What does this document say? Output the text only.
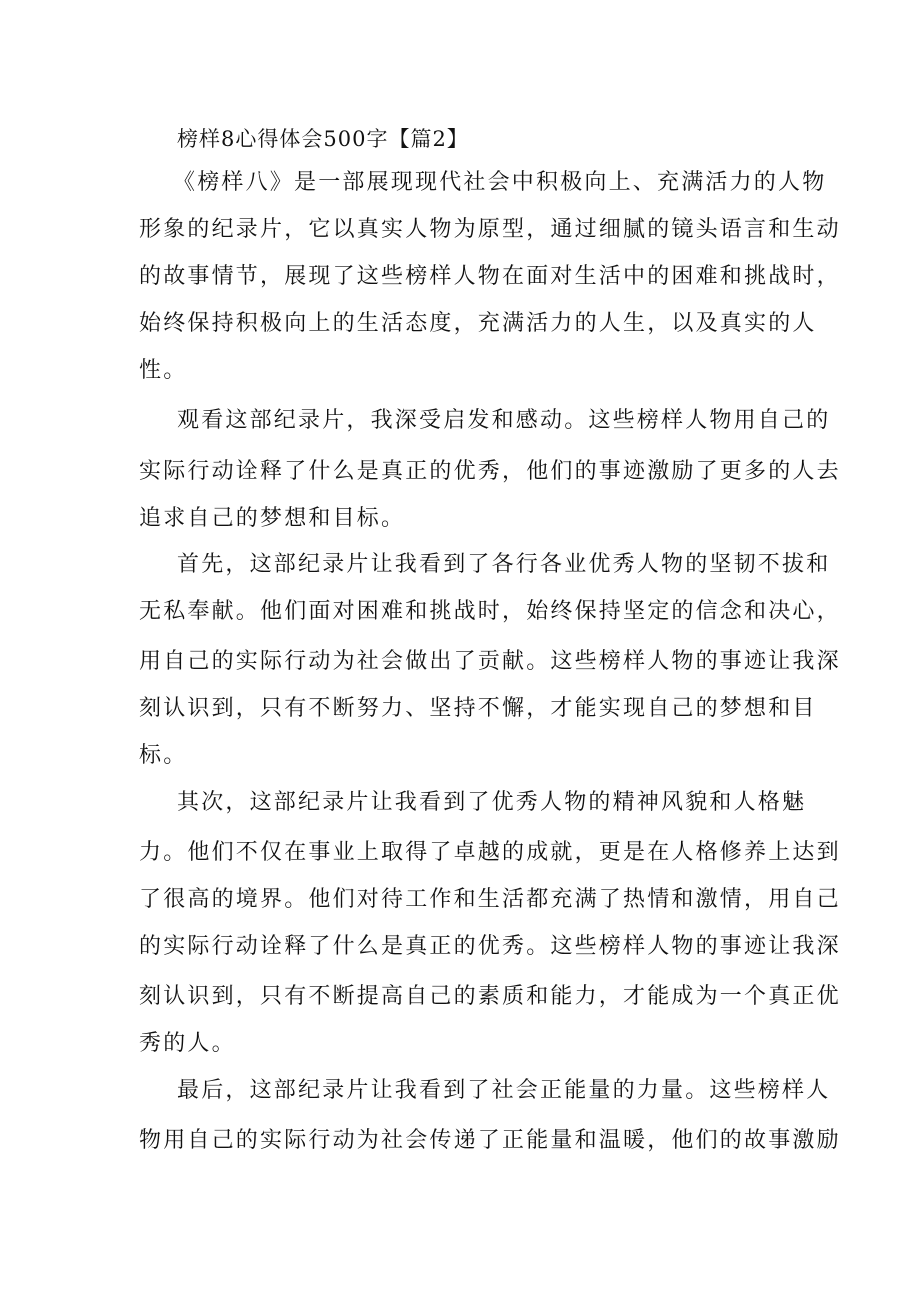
榜样8心得体会500字【篇2】

《榜样八》是一部展现现代社会中积极向上、充满活力的人物

形象的纪录片，它以真实人物为原型，通过细腻的镜头语言和生动

的故事情节，展现了这些榜样人物在面对生活中的困难和挑战时，

始终保持积极向上的生活态度，充满活力的人生，以及真实的人

性。

观看这部纪录片，我深受启发和感动。这些榜样人物用自己的

实际行动诠释了什么是真正的优秀，他们的事迹激励了更多的人去

追求自己的梦想和目标。

首先，这部纪录片让我看到了各行各业优秀人物的坚韧不拔和

无私奉献。他们面对困难和挑战时，始终保持坚定的信念和决心，

用自己的实际行动为社会做出了贡献。这些榜样人物的事迹让我深

刻认识到，只有不断努力、坚持不懈，才能实现自己的梦想和目

标。

其次，这部纪录片让我看到了优秀人物的精神风貌和人格魅

力。他们不仅在事业上取得了卓越的成就，更是在人格修养上达到

了很高的境界。他们对待工作和生活都充满了热情和激情，用自己

的实际行动诠释了什么是真正的优秀。这些榜样人物的事迹让我深

刻认识到，只有不断提高自己的素质和能力，才能成为一个真正优

秀的人。

最后，这部纪录片让我看到了社会正能量的力量。这些榜样人

物用自己的实际行动为社会传递了正能量和温暖，他们的故事激励
